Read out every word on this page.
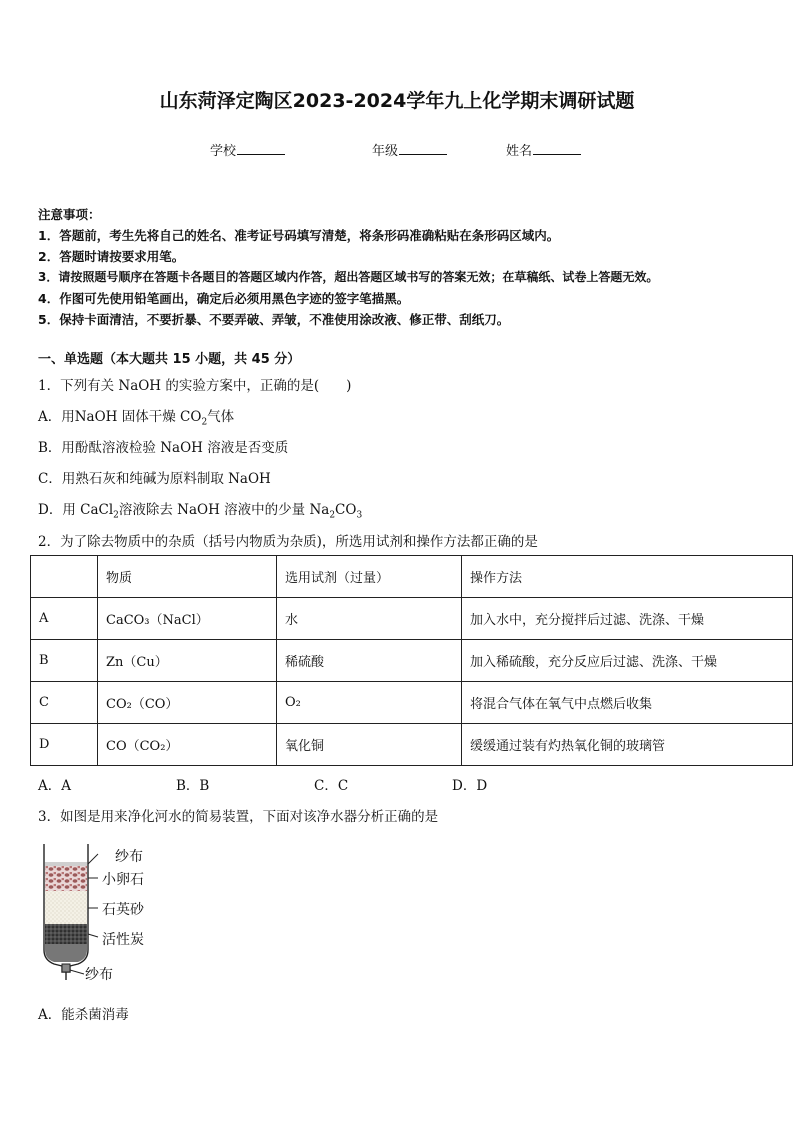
山东菏泽定陶区2023-2024学年九上化学期末调研试题
学校	年级	姓名
注意事项：
1．答题前，考生先将自己的姓名、准考证号码填写清楚，将条形码准确粘贴在条形码区域内。
2．答题时请按要求用笔。
3．请按照题号顺序在答题卡各题目的答题区域内作答，超出答题区域书写的答案无效；在草稿纸、试卷上答题无效。
4．作图可先使用铅笔画出，确定后必须用黑色字迹的签字笔描黑。
5．保持卡面清洁，不要折暴、不要弄破、弄皱，不准使用涂改液、修正带、刮纸刀。
一、单选题（本大题共 15 小题，共 45 分）
1．下列有关 NaOH 的实验方案中，正确的是(　　)
A．用NaOH 固体干燥 $CO_2$气体
B．用酚酞溶液检验 NaOH 溶液是否变质
C．用熟石灰和纯碱为原料制取 NaOH
D．用 CaCl$_2$溶液除去 NaOH 溶液中的少量 $Na_2CO_3$
2．为了除去物质中的杂质（括号内物质为杂质)，所选用试剂和操作方法都正确的是
	物质	选用试剂（过量）	操作方法
A	CaCO₃（NaCl）	水	加入水中，充分搅拌后过滤、洗涤、干燥
B	Zn（Cu）	稀硫酸	加入稀硫酸，充分反应后过滤、洗涤、干燥
C	CO₂（CO）	O₂	将混合气体在氧气中点燃后收集
D	CO（CO₂）	氧化铜	缓缓通过装有灼热氧化铜的玻璃管
A．A	B．B	C．C	D．D
3．如图是用来净化河水的简易装置，下面对该净水器分析正确的是
纱布
小卵石
石英砂
活性炭
纱布
A．能杀菌消毒
